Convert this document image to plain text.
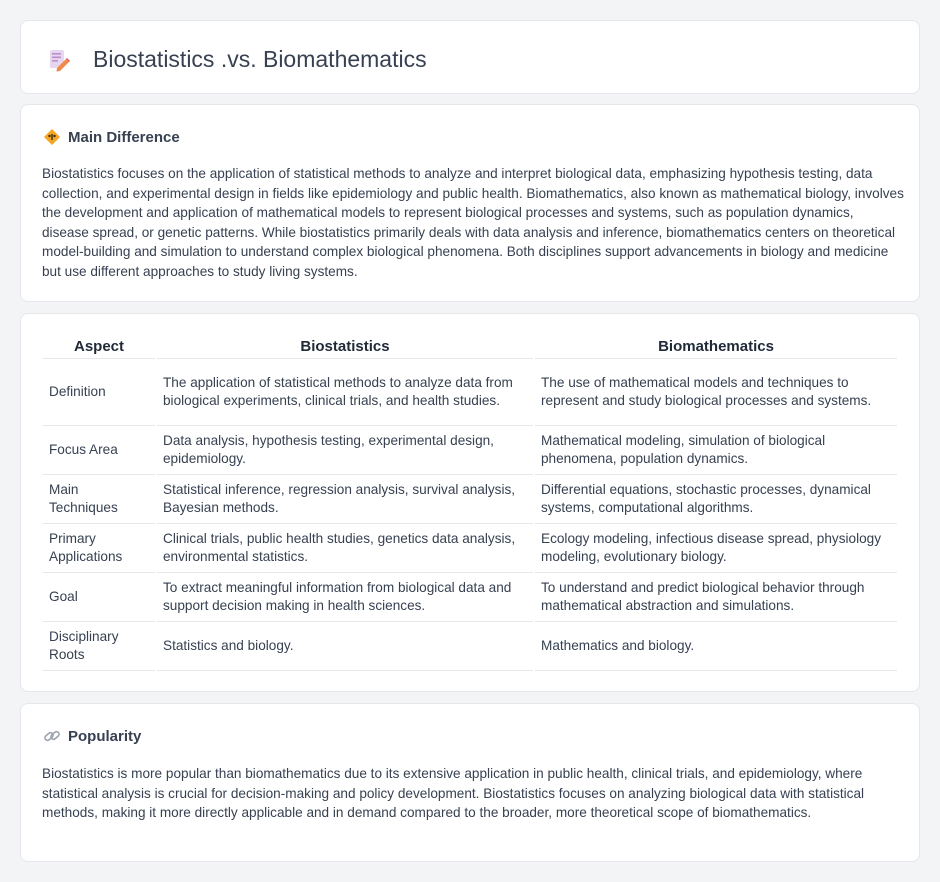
Biostatistics .vs. Biomathematics
Main Difference

Biostatistics focuses on the application of statistical methods to analyze and interpret biological data, emphasizing hypothesis testing, data collection, and experimental design in fields like epidemiology and public health. Biomathematics, also known as mathematical biology, involves the development and application of mathematical models to represent biological processes and systems, such as population dynamics, disease spread, or genetic patterns. While biostatistics primarily deals with data analysis and inference, biomathematics centers on theoretical model-building and simulation to understand complex biological phenomena. Both disciplines support advancements in biology and medicine but use different approaches to study living systems.

Aspect	Biostatistics	Biomathematics
Definition	The application of statistical methods to analyze data from biological experiments, clinical trials, and health studies.	The use of mathematical models and techniques to represent and study biological processes and systems.
Focus Area	Data analysis, hypothesis testing, experimental design, epidemiology.	Mathematical modeling, simulation of biological phenomena, population dynamics.
Main Techniques	Statistical inference, regression analysis, survival analysis, Bayesian methods.	Differential equations, stochastic processes, dynamical systems, computational algorithms.
Primary Applications	Clinical trials, public health studies, genetics data analysis, environmental statistics.	Ecology modeling, infectious disease spread, physiology modeling, evolutionary biology.
Goal	To extract meaningful information from biological data and support decision making in health sciences.	To understand and predict biological behavior through mathematical abstraction and simulations.
Disciplinary Roots	Statistics and biology.	Mathematics and biology.
Popularity

Biostatistics is more popular than biomathematics due to its extensive application in public health, clinical trials, and epidemiology, where statistical analysis is crucial for decision-making and policy development. Biostatistics focuses on analyzing biological data with statistical methods, making it more directly applicable and in demand compared to the broader, more theoretical scope of biomathematics.
